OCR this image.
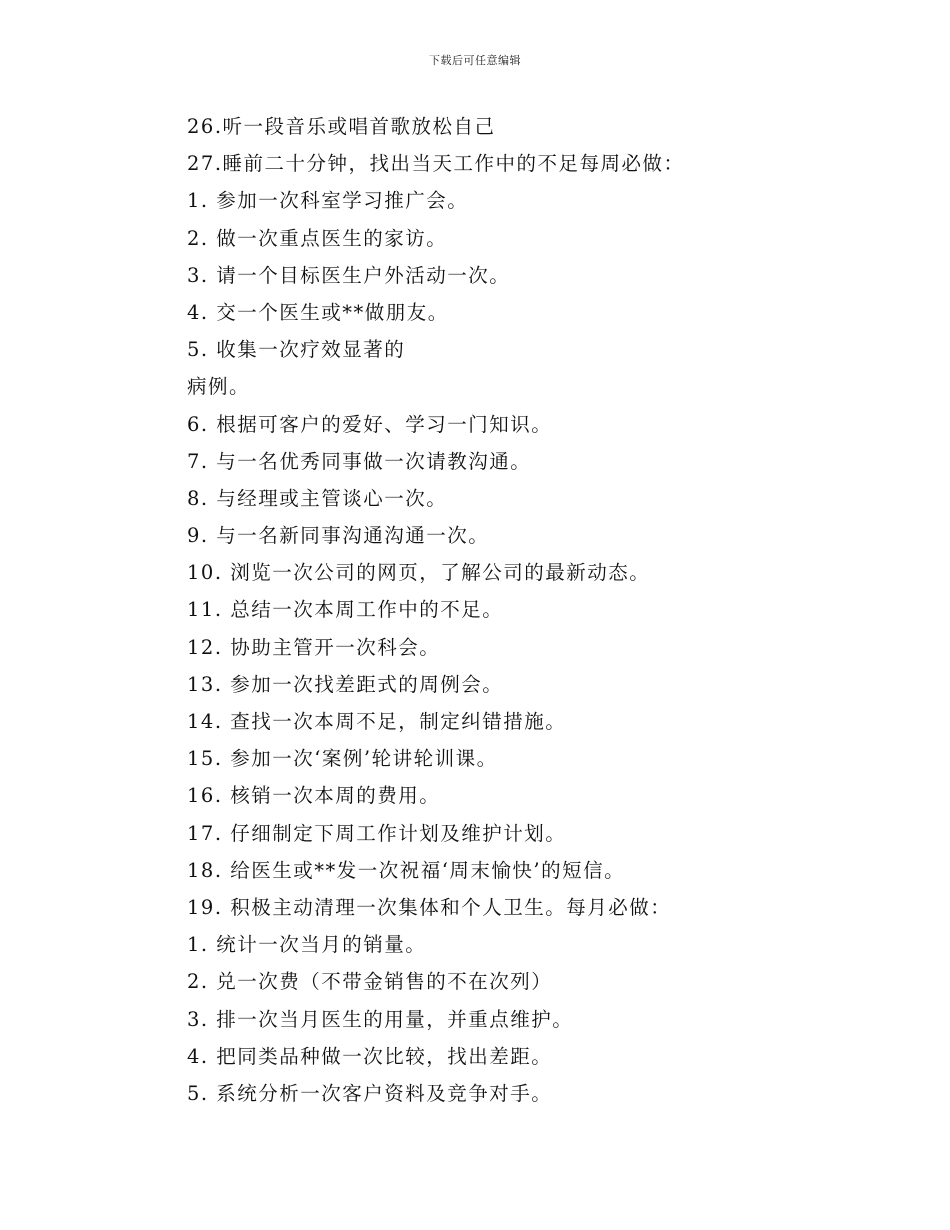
下载后可任意编辑
26.听一段音乐或唱首歌放松自己
27.睡前二十分钟，找出当天工作中的不足每周必做：
1. 参加一次科室学习推广会。
2. 做一次重点医生的家访。
3. 请一个目标医生户外活动一次。
4. 交一个医生或**做朋友。
5. 收集一次疗效显著的
病例。
6. 根据可客户的爱好、学习一门知识。
7. 与一名优秀同事做一次请教沟通。
8. 与经理或主管谈心一次。
9. 与一名新同事沟通沟通一次。
10. 浏览一次公司的网页，了解公司的最新动态。
11. 总结一次本周工作中的不足。
12. 协助主管开一次科会。
13. 参加一次找差距式的周例会。
14. 查找一次本周不足，制定纠错措施。
15. 参加一次‘案例’轮讲轮训课。
16. 核销一次本周的费用。
17. 仔细制定下周工作计划及维护计划。
18. 给医生或**发一次祝福‘周末愉快’的短信。
19. 积极主动清理一次集体和个人卫生。每月必做：
1. 统计一次当月的销量。
2. 兑一次费（不带金销售的不在次列）
3. 排一次当月医生的用量，并重点维护。
4. 把同类品种做一次比较，找出差距。
5. 系统分析一次客户资料及竞争对手。
